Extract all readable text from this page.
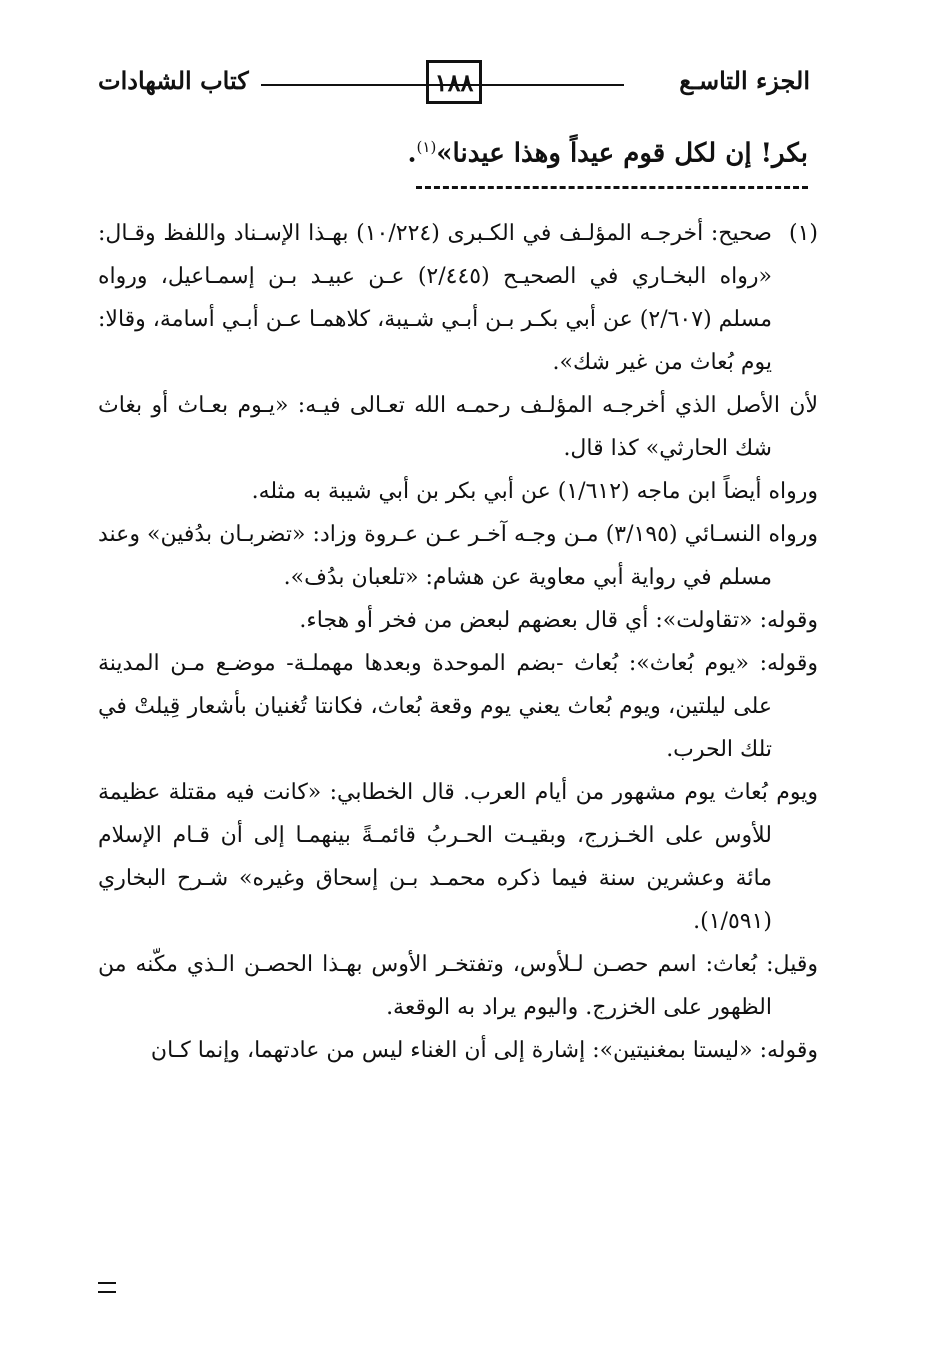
الجزء التاسـع
١٨٨
كتاب الشهادات
بكر! إن لكل قوم عيداً وهذا عيدنا»$^{(١)}$.
(١)صحيح: أخرجـه المؤلـف في الكـبرى (١٠/٢٢٤) بهـذا الإسـناد واللفظ وقـال: «رواه البخـاري في الصحيـح (٢/٤٤٥) عـن عبيـد بـن إسمـاعيل، ورواه مسلم (٢/٦٠٧) عن أبي بكـر بـن أبـي شـيبة، كلاهمـا عـن أبـي أسامة، وقالا: يوم بُعاث من غير شك».
لأن الأصل الذي أخرجـه المؤلـف رحمـه الله تعـالى فيـه: «يـوم بعـاث أو بغاث شك الحارثي» كذا قال.
ورواه أيضاً ابن ماجه (١/٦١٢) عن أبي بكر بن أبي شيبة به مثله.
ورواه النسـائي (٣/١٩٥) مـن وجـه آخـر عـن عـروة وزاد: «تضربـان بدُفين» وعند مسلم في رواية أبي معاوية عن هشام: «تلعبان بدُف».
وقوله: «تقاولت»: أي قال بعضهم لبعض من فخر أو هجاء.
وقوله: «يوم بُعاث»: بُعاث -بضم الموحدة وبعدها مهملـة- موضـع مـن المدينة على ليلتين، ويوم بُعاث يعني يوم وقعة بُعاث، فكانتا تُغنيان بأشعار قِيلتْ في تلك الحرب.
ويوم بُعاث يوم مشهور من أيام العرب. قال الخطابي: «كانت فيه مقتلة عظيمة للأوس على الخـزرج، وبقيـت الحـربُ قائمـةً بينهمـا إلى أن قـام الإسلام مائة وعشرين سنة فيما ذكره محمـد بـن إسحاق وغيره» شـرح البخاري (١/٥٩١).
وقيل: بُعاث: اسم حصـن لـلأوس، وتفتخـر الأوس بهـذا الحصـن الـذي مكّنه من الظهور على الخزرج. واليوم يراد به الوقعة.
وقوله: «ليستا بمغنيتين»: إشارة إلى أن الغناء ليس من عادتهما، وإنما كـان
